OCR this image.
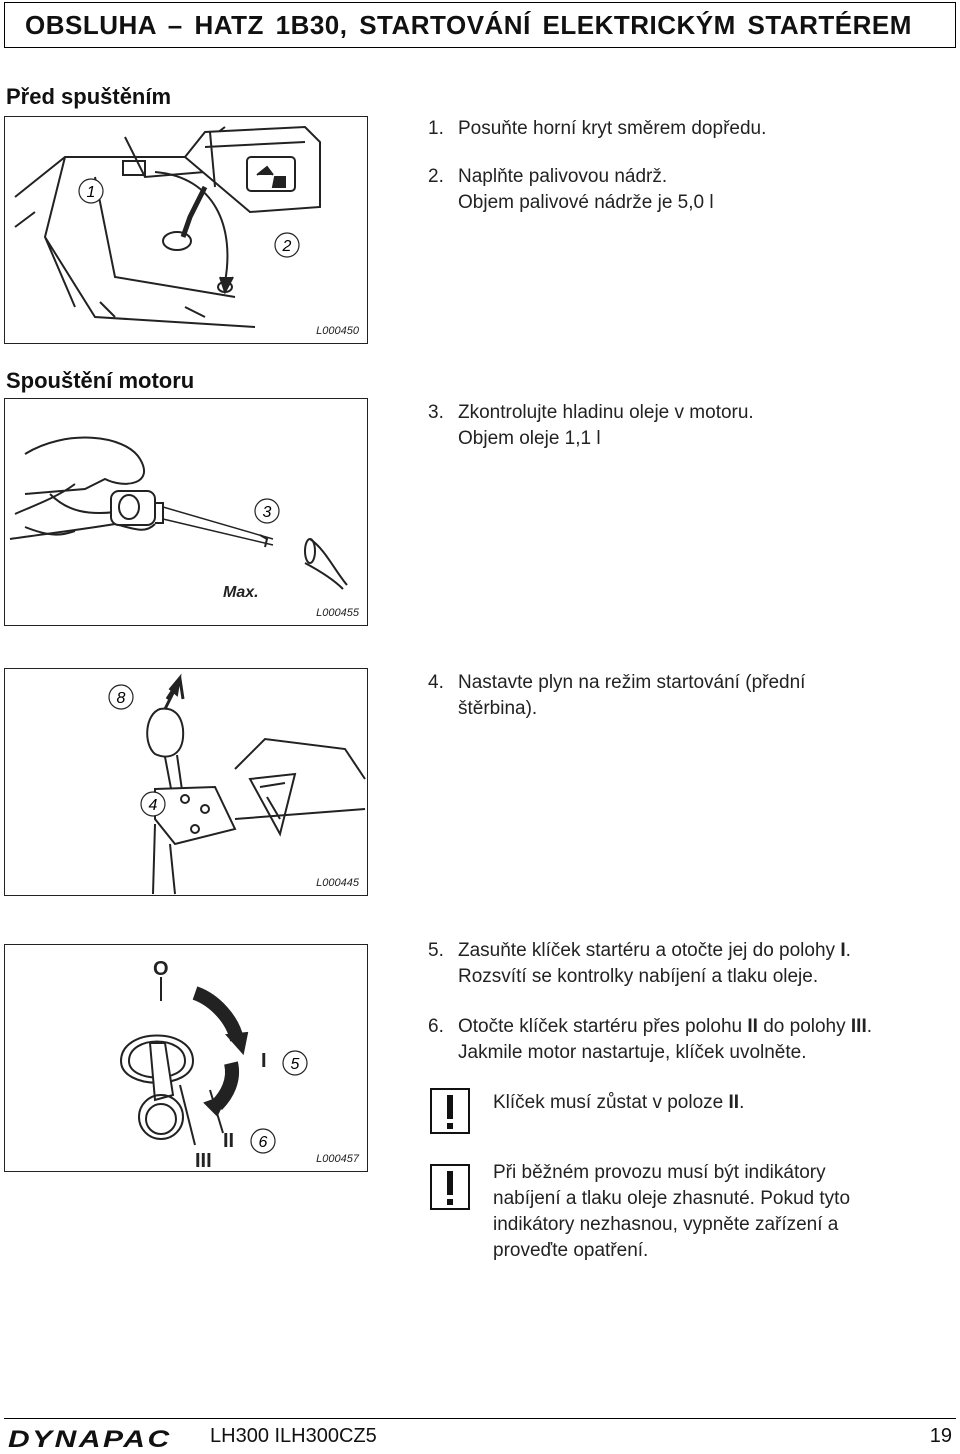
OBSLUHA – HATZ 1B30, STARTOVÁNÍ ELEKTRICKÝM STARTÉREM
Před spuštěním
1
2
L000450
1. Posuňte horní kryt směrem dopředu.
2. Naplňte palivovou nádrž.
Objem palivové nádrže je 5,0 l
Spouštění motoru
3
Max.
L000455
3. Zkontrolujte hladinu oleje v motoru.
Objem oleje 1,1 l
8
4
L000445
4. Nastavte plyn na režim startování (přední
štěrbina).
O
I
II
III
5
6
L000457
5. Zasuňte klíček startéru a otočte jej do polohy I.
Rozsvítí se kontrolky nabíjení a tlaku oleje.
6. Otočte klíček startéru přes polohu II do polohy III.
Jakmile motor nastartuje, klíček uvolněte.
Klíček musí zůstat v poloze II.
Při běžném provozu musí být indikátory
nabíjení a tlaku oleje zhasnuté. Pokud tyto
indikátory nezhasnou, vypněte zařízení a
proveďte opatření.
DYNAPAC LH300 ILH300CZ5	19
